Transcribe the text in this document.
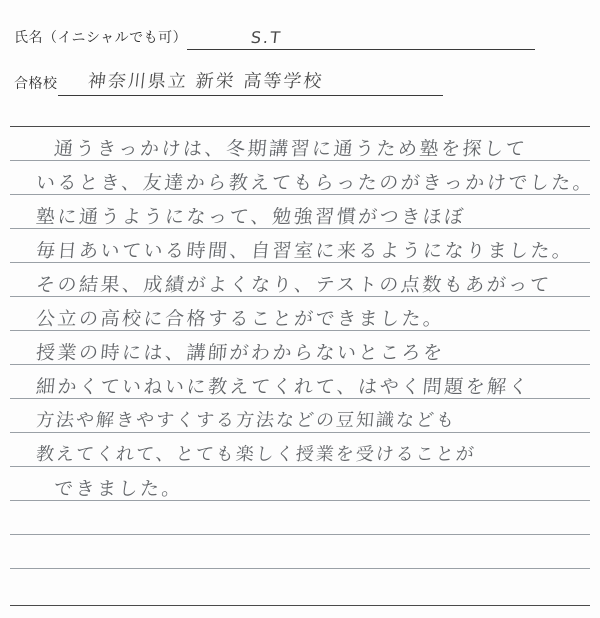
氏名（イニシャルでも可）	S.T
合格校	神奈川県立 新栄 高等学校
通うきっかけは、冬期講習に通うため塾を探して
いるとき、友達から教えてもらったのがきっかけでした。
塾に通うようになって、勉強習慣がつきほぼ
毎日あいている時間、自習室に来るようになりました。
その結果、成績がよくなり、テストの点数もあがって
公立の高校に合格することができました。
授業の時には、講師がわからないところを
細かくていねいに教えてくれて、はやく問題を解く
方法や解きやすくする方法などの豆知識なども
教えてくれて、とても楽しく授業を受けることが
できました。
